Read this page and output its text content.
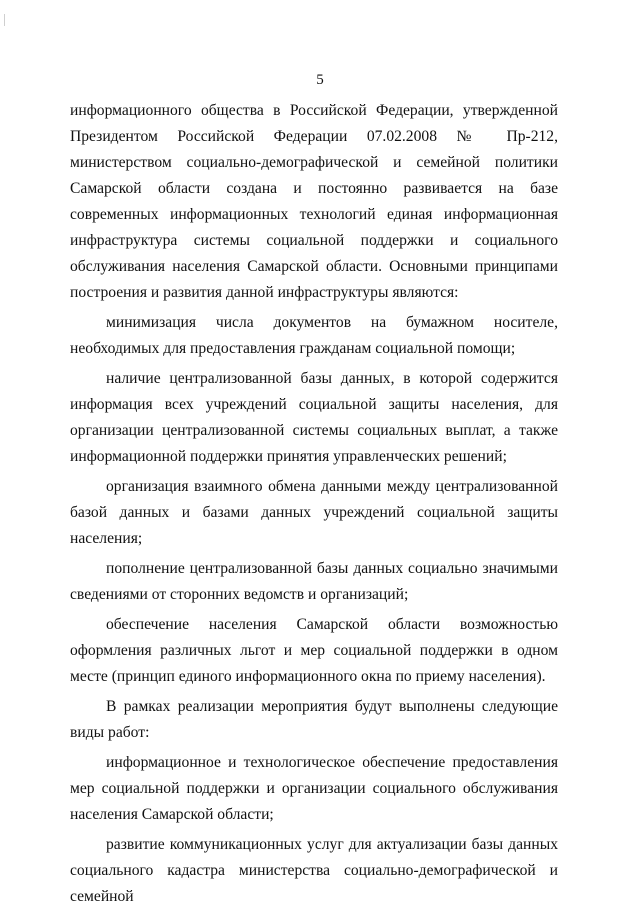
5

информационного общества в Российской Федерации, утвержденной Президентом Российской Федерации 07.02.2008 № Пр-212, министерством социально-демографической и семейной политики Самарской области создана и постоянно развивается на базе современных информационных технологий единая информационная инфраструктура системы социальной поддержки и социального обслуживания населения Самарской области. Основными принципами построения и развития данной инфраструктуры являются:

минимизация числа документов на бумажном носителе, необходимых для предоставления гражданам социальной помощи;

наличие централизованной базы данных, в которой содержится информация всех учреждений социальной защиты населения, для организации централизованной системы социальных выплат, а также информационной поддержки принятия управленческих решений;

организация взаимного обмена данными между централизованной базой данных и базами данных учреждений социальной защиты населения;

пополнение централизованной базы данных социально значимыми сведениями от сторонних ведомств и организаций;

обеспечение населения Самарской области возможностью оформления различных льгот и мер социальной поддержки в одном месте (принцип единого информационного окна по приему населения).

В рамках реализации мероприятия будут выполнены следующие виды работ:

информационное и технологическое обеспечение предоставления мер социальной поддержки и организации социального обслуживания населения Самарской области;

развитие коммуникационных услуг для актуализации базы данных социального кадастра министерства социально-демографической и семейной
